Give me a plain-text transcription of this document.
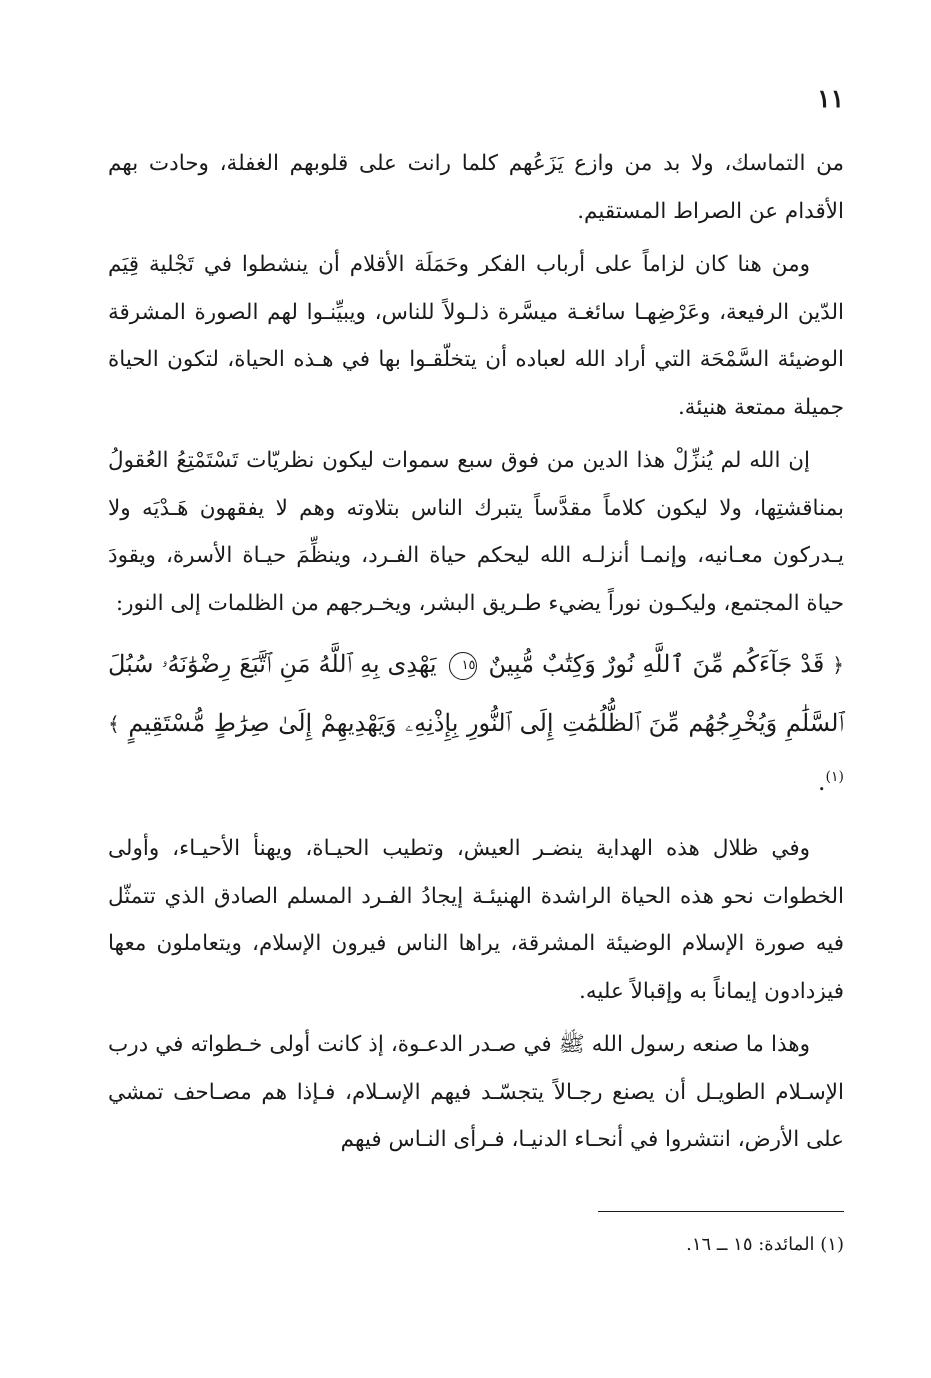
١١

من التماسك، ولا بد من وازع يَزَعُهم كلما رانت على قلوبهم الغفلة، وحادت بهم الأقدام عن الصراط المستقيم.

ومن هنا كان لزاماً على أرباب الفكر وحَمَلَة الأقلام أن ينشطوا في تَجْلية قِيَم الدّين الرفيعة، وعَرْضِهـا سائغـة ميسَّرة ذلـولاً للناس، ويبيِّنـوا لهم الصورة المشرقة الوضيئة السَّمْحَة التي أراد الله لعباده أن يتخلّقـوا بها في هـذه الحياة، لتكون الحياة جميلة ممتعة هنيئة.

إن الله لم يُنزِّلْ هذا الدين من فوق سبع سموات ليكون نظريّات تَسْتَمْتِعُ العُقولُ بمناقشتِها، ولا ليكون كلاماً مقدَّساً يتبرك الناس بتلاوته وهم لا يفقهون هَـدْيَه ولا يـدركون معـانيه، وإنمـا أنزلـه الله ليحكم حياة الفـرد، وينظِّمَ حيـاة الأسرة، ويقودَ حياة المجتمع، وليكـون نوراً يضيء طـريق البشر، ويخـرجهم من الظلمات إلى النور:

﴿ قَدْ جَآءَكُم مِّنَ ٱللَّهِ نُورٌ وَكِتَٰبٌ مُّبِينٌ ١٥ يَهْدِى بِهِ ٱللَّهُ مَنِ ٱتَّبَعَ رِضْوَٰنَهُۥ سُبُلَ ٱلسَّلَٰمِ وَيُخْرِجُهُم مِّنَ ٱلظُّلُمَٰتِ إِلَى ٱلنُّورِ بِإِذْنِهِۦ وَيَهْدِيهِمْ إِلَىٰ صِرَٰطٍ مُّسْتَقِيمٍ ﴾$^{(١)}$.

وفي ظلال هذه الهداية ينضـر العيش، وتطيب الحيـاة، ويهنأ الأحيـاء، وأولى الخطوات نحو هذه الحياة الراشدة الهنيئـة إيجادُ الفـرد المسلم الصادق الذي تتمثّل فيه صورة الإسلام الوضيئة المشرقة، يراها الناس فيرون الإسلام، ويتعاملون معها فيزدادون إيماناً به وإقبالاً عليه.

وهذا ما صنعه رسول الله ﷺ في صـدر الدعـوة، إذ كانت أولى خـطواته في درب الإسـلام الطويـل أن يصنع رجـالاً يتجسّـد فيهم الإسـلام، فـإذا هم مصـاحف تمشي على الأرض، انتشروا في أنحـاء الدنيـا، فـرأى النـاس فيهم

(١) المائدة: ١٥ ــ ١٦.
